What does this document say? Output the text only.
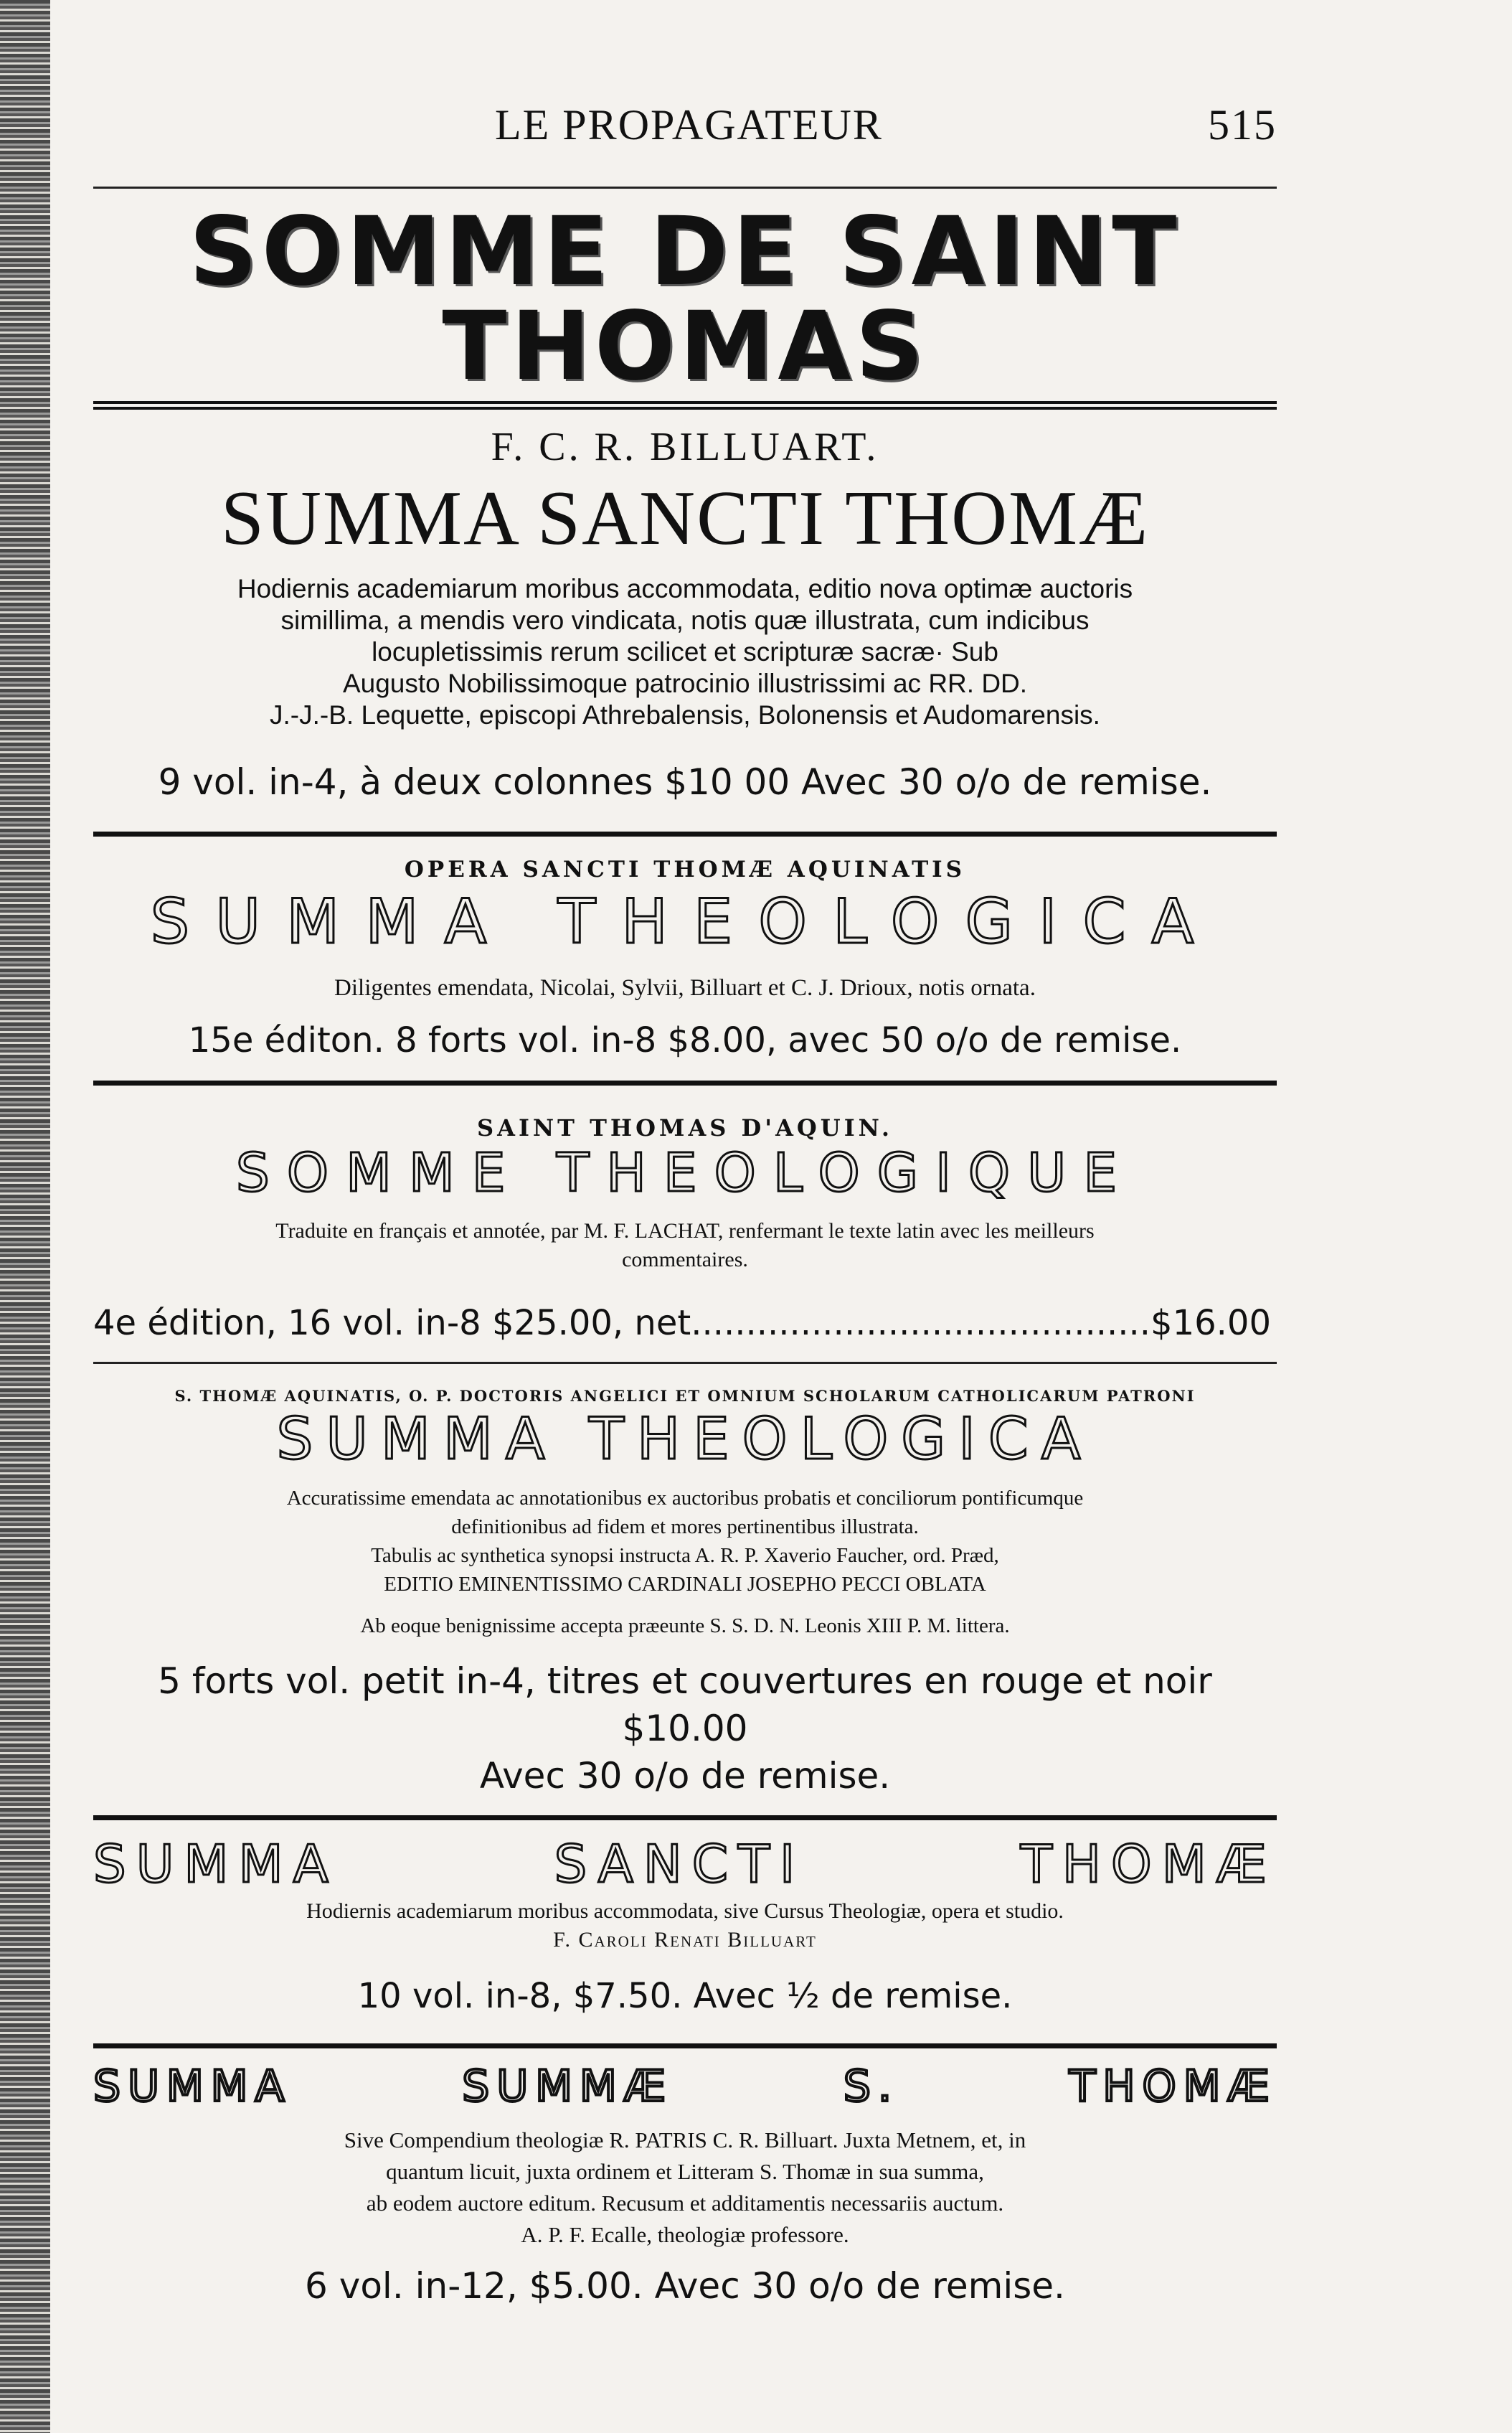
LE PROPAGATEUR	515
SOMME DE SAINT THOMAS
F. C. R. BILLUART.
SUMMA SANCTI THOMÆ

Hodiernis academiarum moribus accommodata, editio nova optimæ auctoris

simillima, a mendis vero vindicata, notis quæ illustrata, cum indicibus

locupletissimis rerum scilicet et scripturæ sacræ· Sub

Augusto Nobilissimoque patrocinio illustrissimi ac RR. DD.

J.-J.-B. Lequette, episcopi Athrebalensis, Bolonensis et Audomarensis.

9 vol. in-4, à deux colonnes $10 00 Avec 30 o/o de remise.
OPERA SANCTI THOMÆ AQUINATIS
SUMMA THEOLOGICA
Diligentes emendata, Nicolai, Sylvii, Billuart et C. J. Drioux, notis ornata.
15e éditon. 8 forts vol. in-8 $8.00, avec 50 o/o de remise.
SAINT THOMAS D'AQUIN.
SOMME THEOLOGIQUE

Traduite en français et annotée, par M. F. LACHAT, renfermant le texte latin avec les meilleurs

commentaires.

4e édition, 16 vol. in-8 $25.00, net..........................................$16.00
S. THOMÆ AQUINATIS, O. P. DOCTORIS ANGELICI ET OMNIUM SCHOLARUM CATHOLICARUM PATRONI
SUMMA THEOLOGICA

Accuratissime emendata ac annotationibus ex auctoribus probatis et conciliorum pontificumque

definitionibus ad fidem et mores pertinentibus illustrata.

Tabulis ac synthetica synopsi instructa A. R. P. Xaverio Faucher, ord. Præd,

EDITIO EMINENTISSIMO CARDINALI JOSEPHO PECCI OBLATA

Ab eoque benignissime accepta præeunte S. S. D. N. Leonis XIII P. M. littera.

5 forts vol. petit in-4, titres et couvertures en rouge et noir $10.00

Avec 30 o/o de remise.

SUMMA	SANCTI	THOMÆ

Hodiernis academiarum moribus accommodata, sive Cursus Theologiæ, opera et studio.

F. Caroli Renati Billuart

10 vol. in-8, $7.50. Avec ½ de remise.
SUMMA	SUMMÆ	S.	THOMÆ

Sive Compendium theologiæ R. PATRIS C. R. Billuart. Juxta Metnem, et, in

quantum licuit, juxta ordinem et Litteram S. Thomæ in sua summa,

ab eodem auctore editum. Recusum et additamentis necessariis auctum.

A. P. F. Ecalle, theologiæ professore.

6 vol. in-12, $5.00. Avec 30 o/o de remise.
